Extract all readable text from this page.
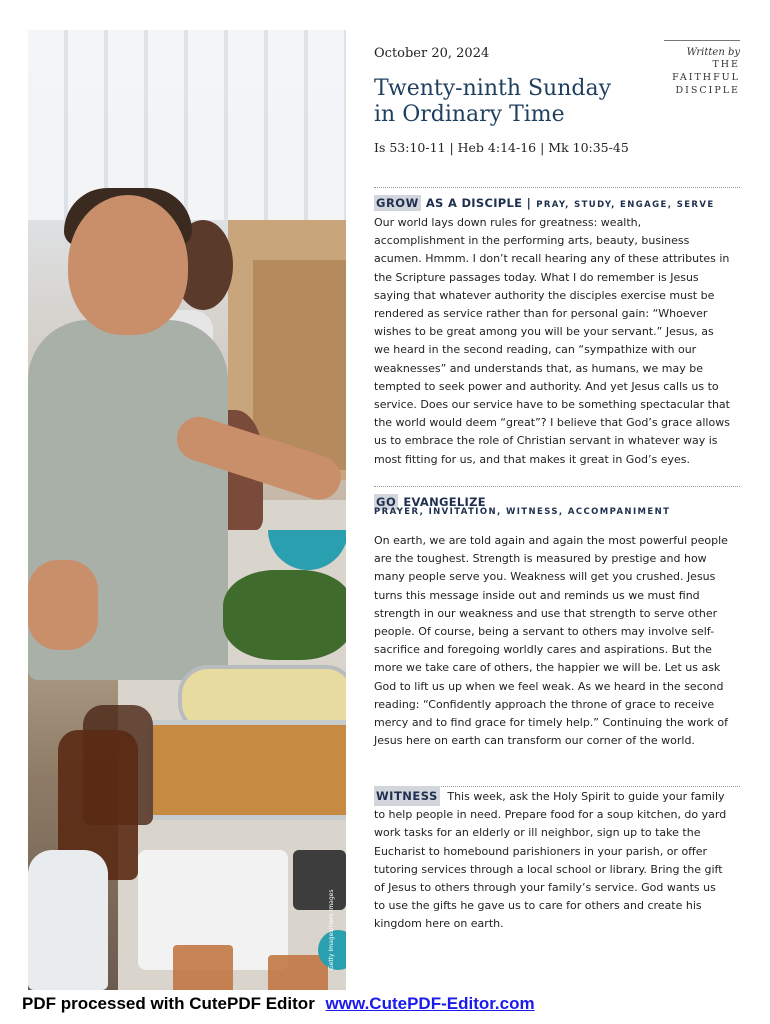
Getty Images/Hero Images
October 20, 2024
Twenty-ninth Sunday
in Ordinary Time
Is 53:10-11 | Heb 4:14-16 | Mk 10:35-45
Written by
THE
FAITHFUL
DISCIPLE
GROW AS A DISCIPLE | PRAY, STUDY, ENGAGE, SERVE

Our world lays down rules for greatness: wealth, accomplishment in the performing arts, beauty, business acumen. Hmmm. I don’t recall hearing any of these attributes in the Scripture passages today. What I do remember is Jesus saying that whatever authority the disciples exercise must be rendered as service rather than for personal gain: “Whoever wishes to be great among you will be your servant.” Jesus, as we heard in the second reading, can “sympathize with our weaknesses” and understands that, as humans, we may be tempted to seek power and authority. And yet Jesus calls us to service. Does our service have to be something spectacular that the world would deem “great”? I believe that God’s grace allows us to embrace the role of Christian servant in whatever way is most fitting for us, and that makes it great in God’s eyes.

GO EVANGELIZE
PRAYER, INVITATION, WITNESS, ACCOMPANIMENT

On earth, we are told again and again the most powerful people are the toughest. Strength is measured by prestige and how many people serve you. Weakness will get you crushed. Jesus turns this message inside out and reminds us we must find strength in our weakness and use that strength to serve other people. Of course, being a servant to others may involve self-sacrifice and foregoing worldly cares and aspirations. But the more we take care of others, the happier we will be. Let us ask God to lift us up when we feel weak. As we heard in the second reading: “Confidently approach the throne of grace to receive mercy and to find grace for timely help.” Continuing the work of Jesus here on earth can transform our corner of the world.

WITNESS This week, ask the Holy Spirit to guide your family to help people in need. Prepare food for a soup kitchen, do yard work tasks for an elderly or ill neighbor, sign up to take the Eucharist to homebound parishioners in your parish, or offer tutoring services through a local school or library. Bring the gift of Jesus to others through your family’s service. God wants us to use the gifts he gave us to care for others and create his kingdom here on earth.

PDF processed with CutePDF Editor www.CutePDF-Editor.com
